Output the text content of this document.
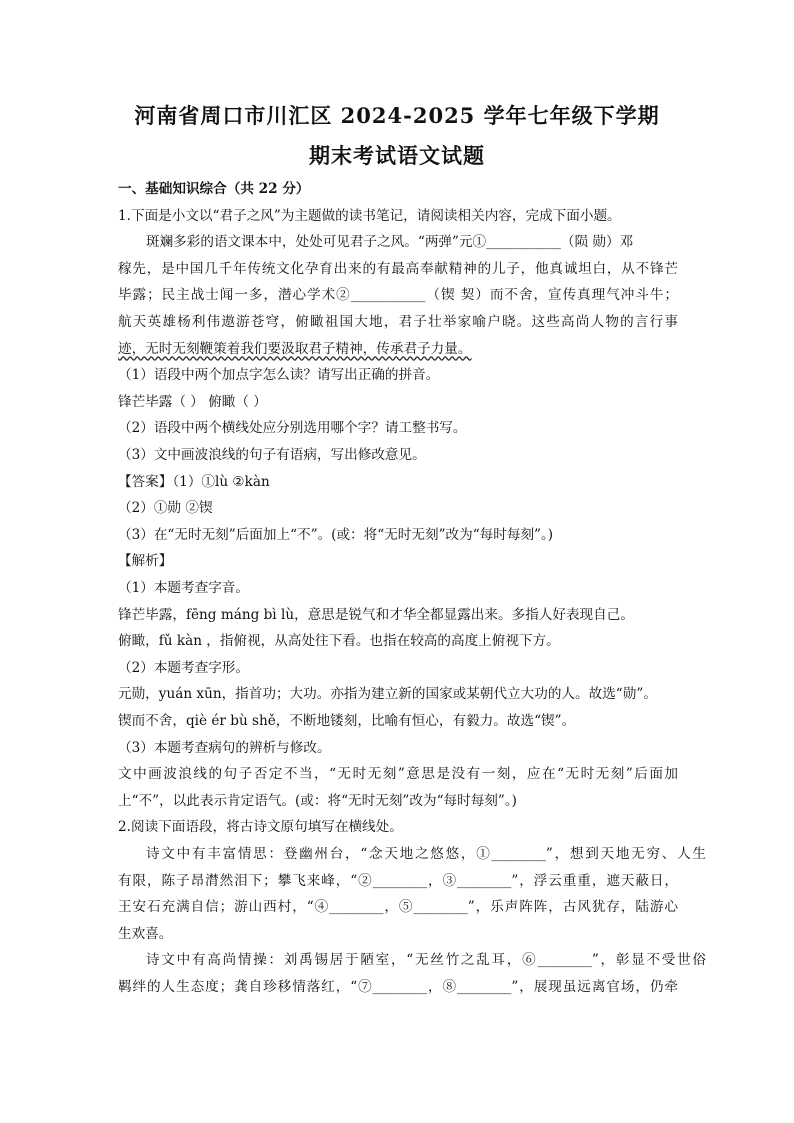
河南省周口市川汇区 2024-2025 学年七年级下学期
期末考试语文试题
一、基础知识综合（共 22 分）
1.下面是小文以“君子之风”为主题做的读书笔记，请阅读相关内容，完成下面小题。
斑斓多彩的语文课本中，处处可见君子之风。“两弹”元①___________（陨 勋）邓
稼先，是中国几千年传统文化孕育出来的有最高奉献精神的儿子，他真诚坦白，从不锋芒
毕露；民主战士闻一多，潜心学术②___________（锲 契）而不舍，宣传真理气冲斗牛；
航天英雄杨利伟遨游苍穹，俯瞰祖国大地，君子壮举家喻户晓。这些高尚人物的言行事
迹，无时无刻鞭策着我们要汲取君子精神，传承君子力量。
（1）语段中两个加点字怎么读？请写出正确的拼音。
锋芒毕露（ ） 俯瞰（ ）
（2）语段中两个横线处应分别选用哪个字？请工整书写。
（3）文中画波浪线的句子有语病，写出修改意见。
【答案】（1）①lù ②kàn
（2）①勋 ②锲
（3）在“无时无刻”后面加上“不”。(或：将“无时无刻”改为“每时每刻”。)
【解析】
（1）本题考查字音。
锋芒毕露，fēng máng bì lù，意思是锐气和才华全都显露出来。多指人好表现自己。
俯瞰，fǔ kàn ，指俯视，从高处往下看。也指在较高的高度上俯视下方。
（2）本题考查字形。
元勋，yuán xūn，指首功；大功。亦指为建立新的国家或某朝代立大功的人。故选“勋”。
锲而不舍，qiè ér bù shě，不断地镂刻，比喻有恒心，有毅力。故选“锲”。
（3）本题考查病句的辨析与修改。
文中画波浪线的句子否定不当，“无时无刻”意思是没有一刻，应在“无时无刻”后面加
上“不”，以此表示肯定语气。(或：将“无时无刻”改为“每时每刻”。)
2.阅读下面语段，将古诗文原句填写在横线处。
诗文中有丰富情思：登幽州台，“念天地之悠悠，①________”，想到天地无穷、人生
有限，陈子昂潸然泪下；攀飞来峰，“②________，③________”，浮云重重，遮天蔽日，
王安石充满自信；游山西村，“④________，⑤________”，乐声阵阵，古风犹存，陆游心
生欢喜。
诗文中有高尚情操：刘禹锡居于陋室，“无丝竹之乱耳，⑥________”，彰显不受世俗
羁绊的人生态度；龚自珍移情落红，“⑦________，⑧________”，展现虽远离官场，仍牵
